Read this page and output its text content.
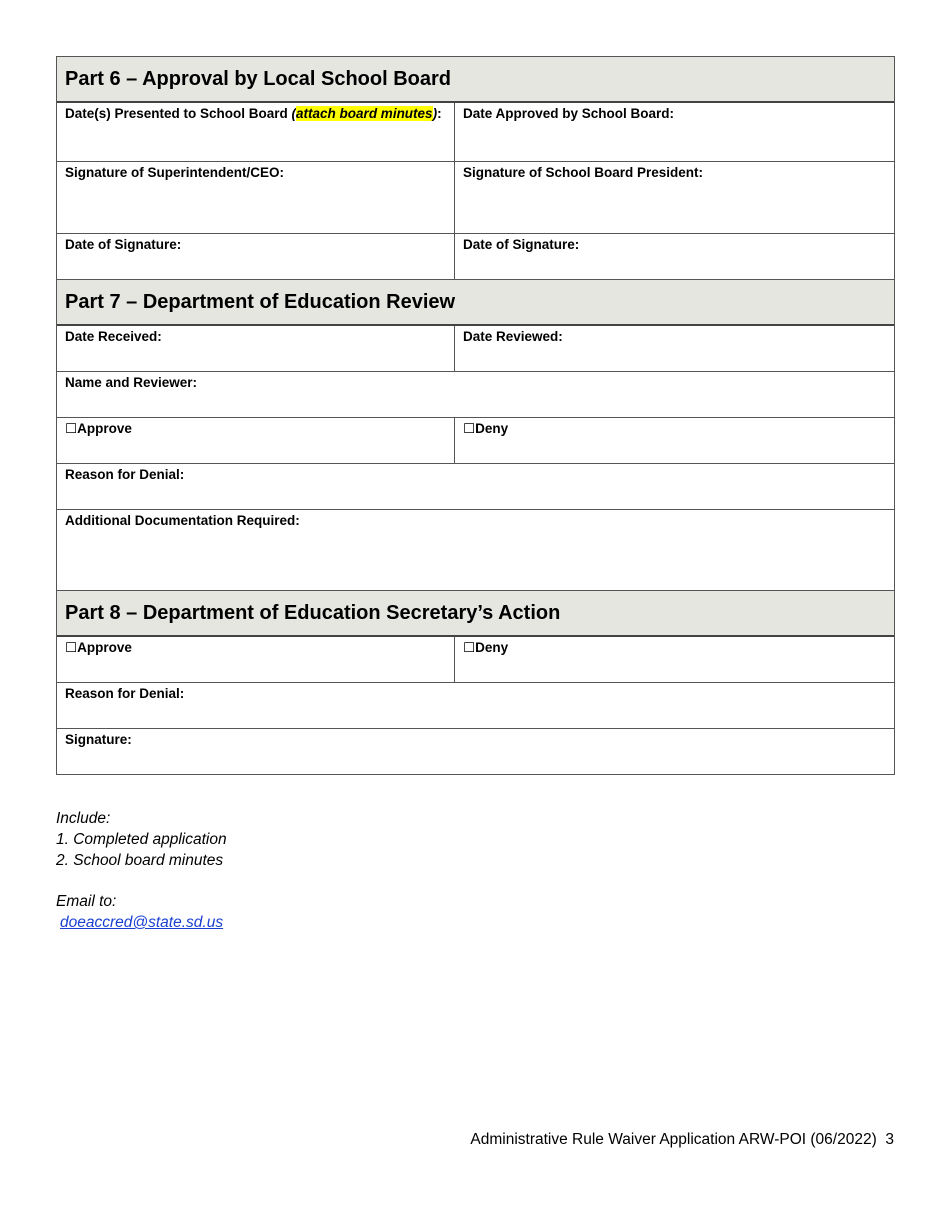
Part 6 – Approval by Local School Board
Date(s) Presented to School Board (attach board minutes):	Date Approved by School Board:
Signature of Superintendent/CEO:	Signature of School Board President:
Date of Signature:	Date of Signature:
Part 7 – Department of Education Review
Date Received:	Date Reviewed:
Name and Reviewer:
☐Approve	☐Deny
Reason for Denial:
Additional Documentation Required:
Part 8 – Department of Education Secretary’s Action
☐Approve	☐Deny
Reason for Denial:
Signature:
Include:
1. Completed application
2. School board minutes
Email to:
doeaccred@state.sd.us
Administrative Rule Waiver Application ARW-POI (06/2022) 3
